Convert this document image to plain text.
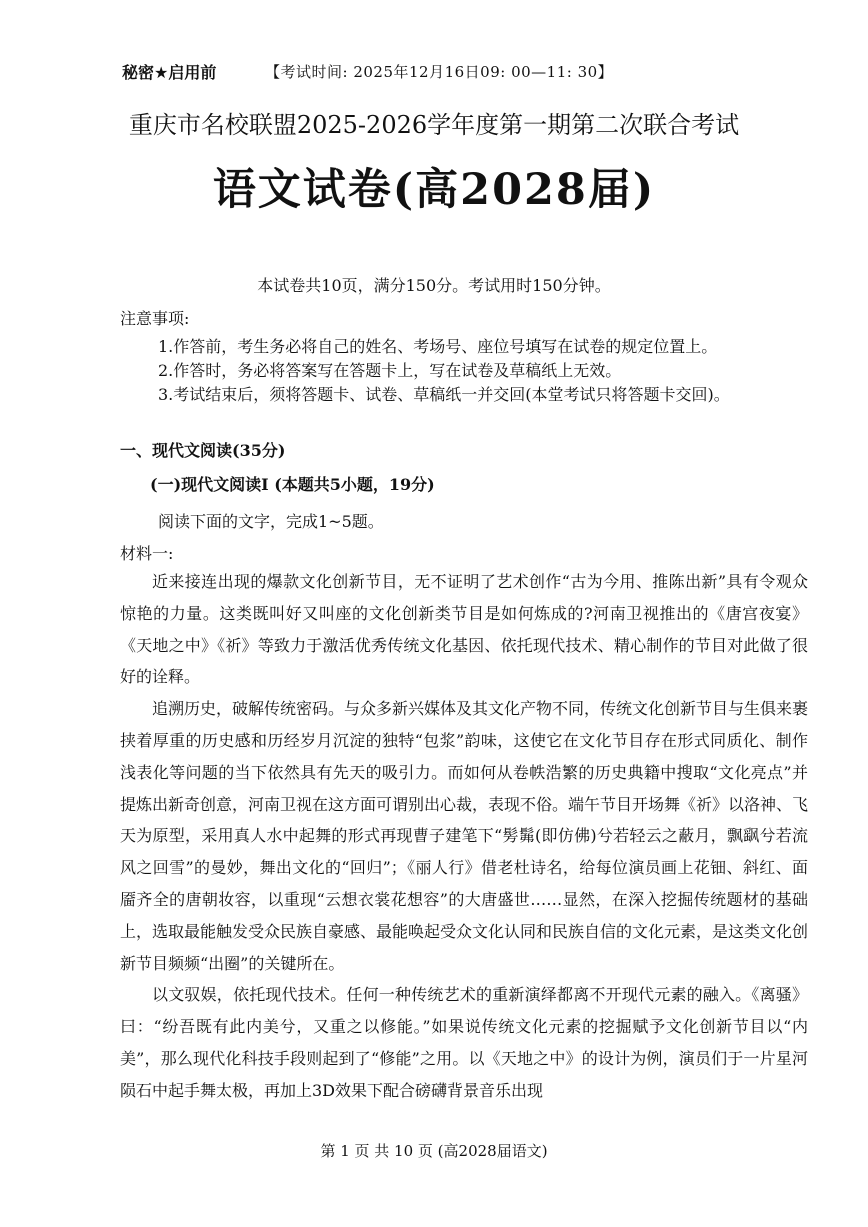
秘密★启用前	【考试时间: 2025年12月16日09: 00—11: 30】
重庆市名校联盟2025-2026学年度第一期第二次联合考试
语文试卷(高2028届)
本试卷共10页，满分150分。考试用时150分钟。
注意事项:
1.作答前，考生务必将自己的姓名、考场号、座位号填写在试卷的规定位置上。
2.作答时，务必将答案写在答题卡上，写在试卷及草稿纸上无效。
3.考试结束后，须将答题卡、试卷、草稿纸一并交回(本堂考试只将答题卡交回)。
一、现代文阅读(35分)
(一)现代文阅读Ⅰ (本题共5小题，19分)
阅读下面的文字，完成1~5题。
材料一:

近来接连出现的爆款文化创新节目，无不证明了艺术创作“古为今用、推陈出新”具有令观众惊艳的力量。这类既叫好又叫座的文化创新类节目是如何炼成的?河南卫视推出的《唐宫夜宴》《天地之中》《祈》等致力于激活优秀传统文化基因、依托现代技术、精心制作的节目对此做了很好的诠释。

追溯历史，破解传统密码。与众多新兴媒体及其文化产物不同，传统文化创新节目与生俱来裹挟着厚重的历史感和历经岁月沉淀的独特“包浆”韵味，这使它在文化节目存在形式同质化、制作浅表化等问题的当下依然具有先天的吸引力。而如何从卷帙浩繁的历史典籍中搜取“文化亮点”并提炼出新奇创意，河南卫视在这方面可谓别出心裁，表现不俗。端午节目开场舞《祈》以洛神、飞天为原型，采用真人水中起舞的形式再现曹子建笔下“髣髴(即仿佛)兮若轻云之蔽月，飘飖兮若流风之回雪”的曼妙，舞出文化的“回归”；《丽人行》借老杜诗名，给每位演员画上花钿、斜红、面靥齐全的唐朝妆容，以重现“云想衣裳花想容”的大唐盛世……显然，在深入挖掘传统题材的基础上，选取最能触发受众民族自豪感、最能唤起受众文化认同和民族自信的文化元素，是这类文化创新节目频频“出圈”的关键所在。

以文驭娱，依托现代技术。任何一种传统艺术的重新演绎都离不开现代元素的融入。《离骚》曰：“纷吾既有此内美兮，又重之以修能。”如果说传统文化元素的挖掘赋予文化创新节目以“内美”，那么现代化科技手段则起到了“修能”之用。以《天地之中》的设计为例，演员们于一片星河陨石中起手舞太极，再加上3D效果下配合磅礴背景音乐出现

第 1 页 共 10 页 (高2028届语文)
